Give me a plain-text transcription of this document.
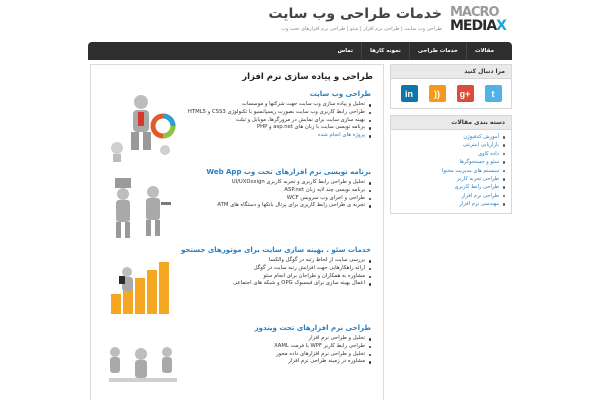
MACRO
MEDIAX
خدمات طراحی وب سایت
طراحی وب سایت | طراحی نرم افزار | سئو | طراحی نرم افزارهای تحت وب
مقالات
خدمات طراحی
نمونه کارها
تماس
طراحی و پیاده سازی نرم افزار
طراحی وب سایت
تحلیل و پیاده سازی وب سایت جهت شرکتها و موسسات
طراحی رابط کاربری وب سایت بصورت ریسپانسیو با تکنولوژی CSS3 و HTML5
بهینه سازی سایت برای نمایش در مرورگرها، موبایل و تبلت
برنامه نویسی سایت با زبان های asp.net و PHP
پروژه های انجام شده
برنامه نویسی نرم افزارهای تحت وب Web App
تحلیل و طراحی رابط کاربری و تجربه کاربری UI/UXDesign
برنامه نویسی چند لایه زبان ASP.net
طراحی و اجرای وب سرویس WCF
تجربه ی طراحی رابط کاربری برای پرتال بانکها و دستگاه های ATM
خدمات سئو . بهینه سازی سایت برای موتورهای جستجو
بررسی سایت از لحاظ رتبه در گوگل والکسا
ارائه راهکارهایی جهت افزایش رتبه سایت در گوگل
مشاوره به همکاران و طراحان برای انجام سئو
اعمال بهینه سازی برای فیسبوک OPG و شبکه های اجتماعی
طراحی نرم افزارهای تحت ویندوز
تحلیل و طراحی نرم افزار
طراحی رابط کاربر WPF با فرمت XAML
تحلیل و طراحی نرم افزارهای داده محور
مشاوره در زمینه طراحی نرم افزار
مرا دنبال کنید
in	))	g+	t
دسته بندی مقالات
آموزش کدفیوژن
بازاریابی اینترنتی
داده کاوی
سئو و جستجوگرها
سیستم های مدیریت محتوا
طراحی تجربه کاربر
طراحی رابط کاربری
طراحی نرم افزار
مهندسی نرم افزار
